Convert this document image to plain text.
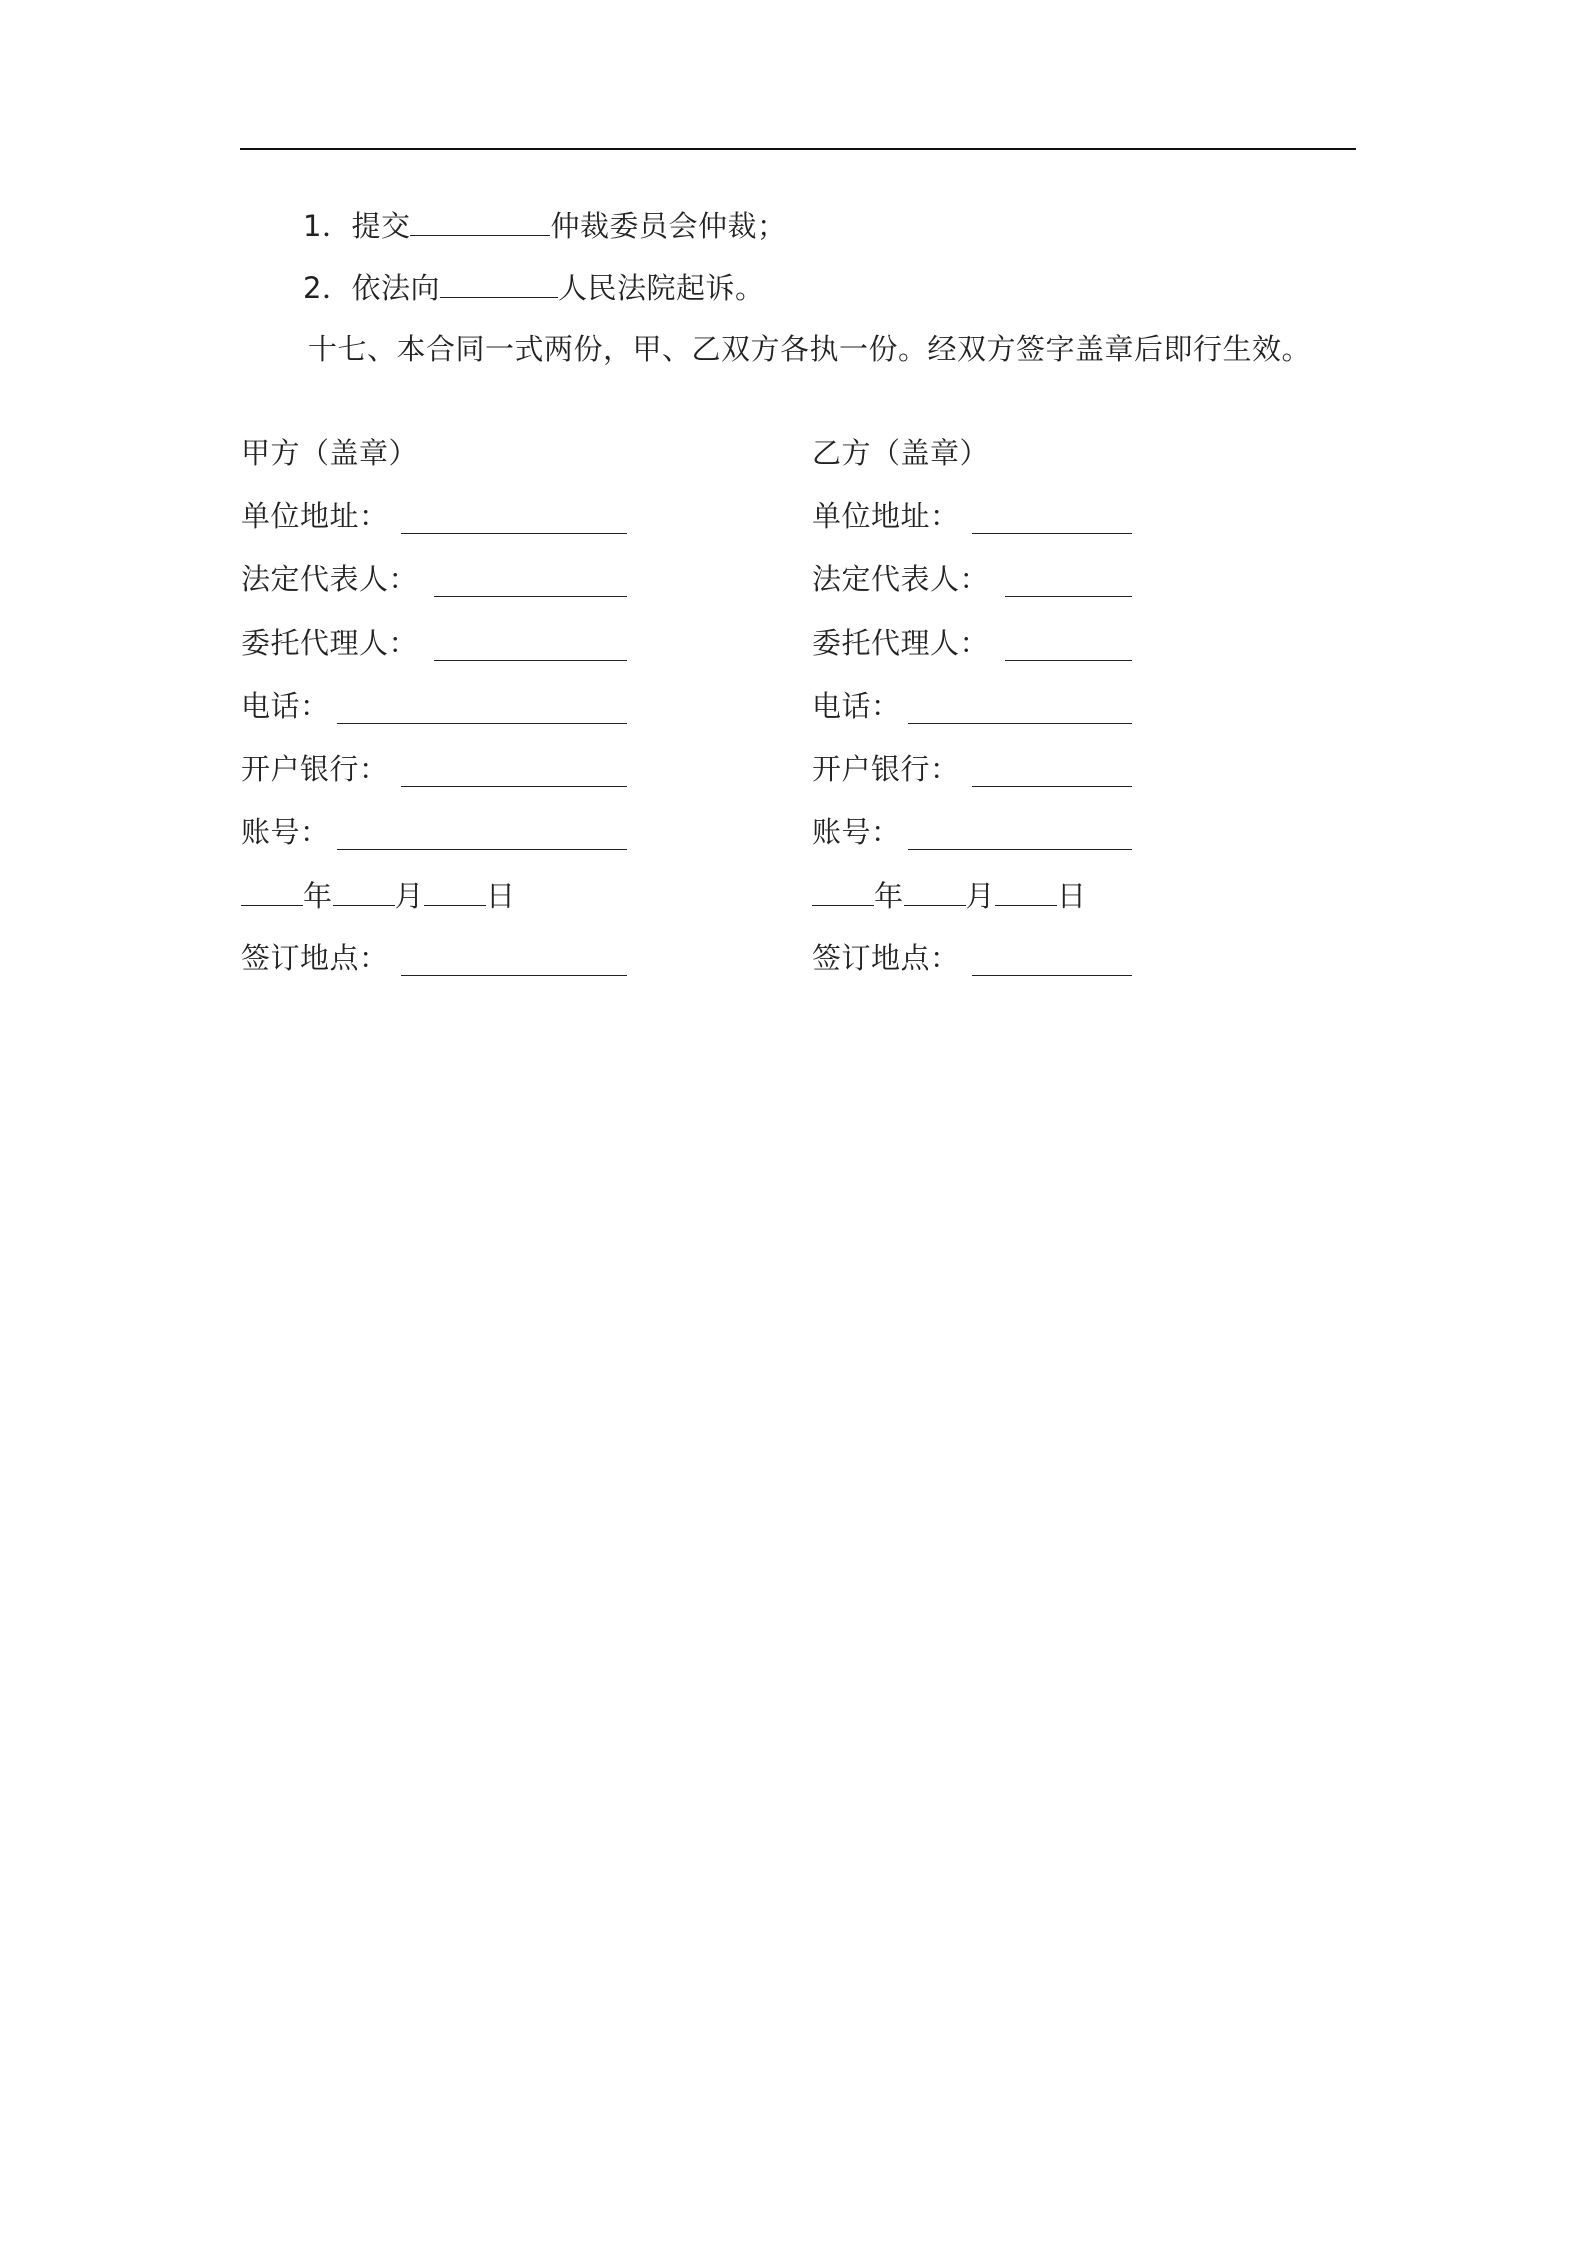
1．提交	仲裁委员会仲裁；
2．依法向	人民法院起诉。
十七、本合同一式两份，甲、乙双方各执一份。经双方签字盖章后即行生效。
甲方（盖章）
单位地址：
法定代表人：
委托代理人：
电话：
开户银行：
账号：
年 月 日
签订地点：
乙方（盖章）
单位地址：
法定代表人：
委托代理人：
电话：
开户银行：
账号：
年 月 日
签订地点：
